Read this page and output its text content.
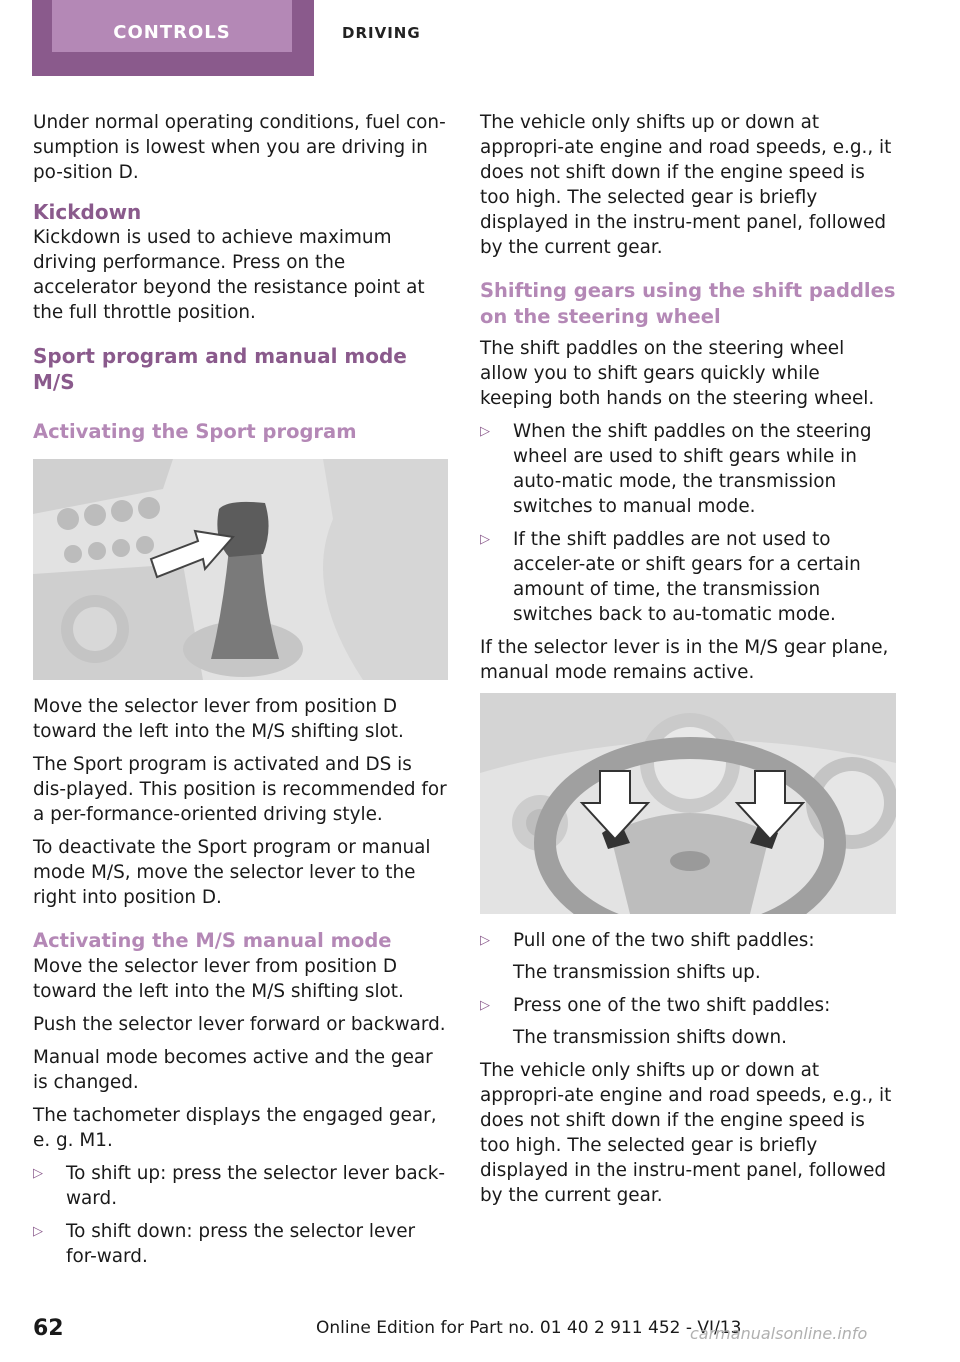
CONTROLS	DRIVING

Under normal operating conditions, fuel con-sumption is lowest when you are driving in po-sition D.

Kickdown

Kickdown is used to achieve maximum driving performance. Press on the accelerator beyond the resistance point at the full throttle position.

Sport program and manual mode M/S
Activating the Sport program

Move the selector lever from position D toward the left into the M/S shifting slot.

The Sport program is activated and DS is dis-played. This position is recommended for a per-formance-oriented driving style.

To deactivate the Sport program or manual mode M/S, move the selector lever to the right into position D.

Activating the M/S manual mode

Move the selector lever from position D toward the left into the M/S shifting slot.

Push the selector lever forward or backward.

Manual mode becomes active and the gear is changed.

The tachometer displays the engaged gear, e. g. M1.

▷ To shift up: press the selector lever back-ward.
▷ To shift down: press the selector lever for-ward.

The vehicle only shifts up or down at appropri-ate engine and road speeds, e.g., it does not shift down if the engine speed is too high. The selected gear is briefly displayed in the instru-ment panel, followed by the current gear.

Shifting gears using the shift paddles on the steering wheel

The shift paddles on the steering wheel allow you to shift gears quickly while keeping both hands on the steering wheel.

▷ When the shift paddles on the steering wheel are used to shift gears while in auto-matic mode, the transmission switches to manual mode.
▷ If the shift paddles are not used to acceler-ate or shift gears for a certain amount of time, the transmission switches back to au-tomatic mode.

If the selector lever is in the M/S gear plane, manual mode remains active.

▷ Pull one of the two shift paddles:
The transmission shifts up.
▷ Press one of the two shift paddles:
The transmission shifts down.

The vehicle only shifts up or down at appropri-ate engine and road speeds, e.g., it does not shift down if the engine speed is too high. The selected gear is briefly displayed in the instru-ment panel, followed by the current gear.

62	Online Edition for Part no. 01 40 2 911 452 - VI/13
carmanualsonline.info
